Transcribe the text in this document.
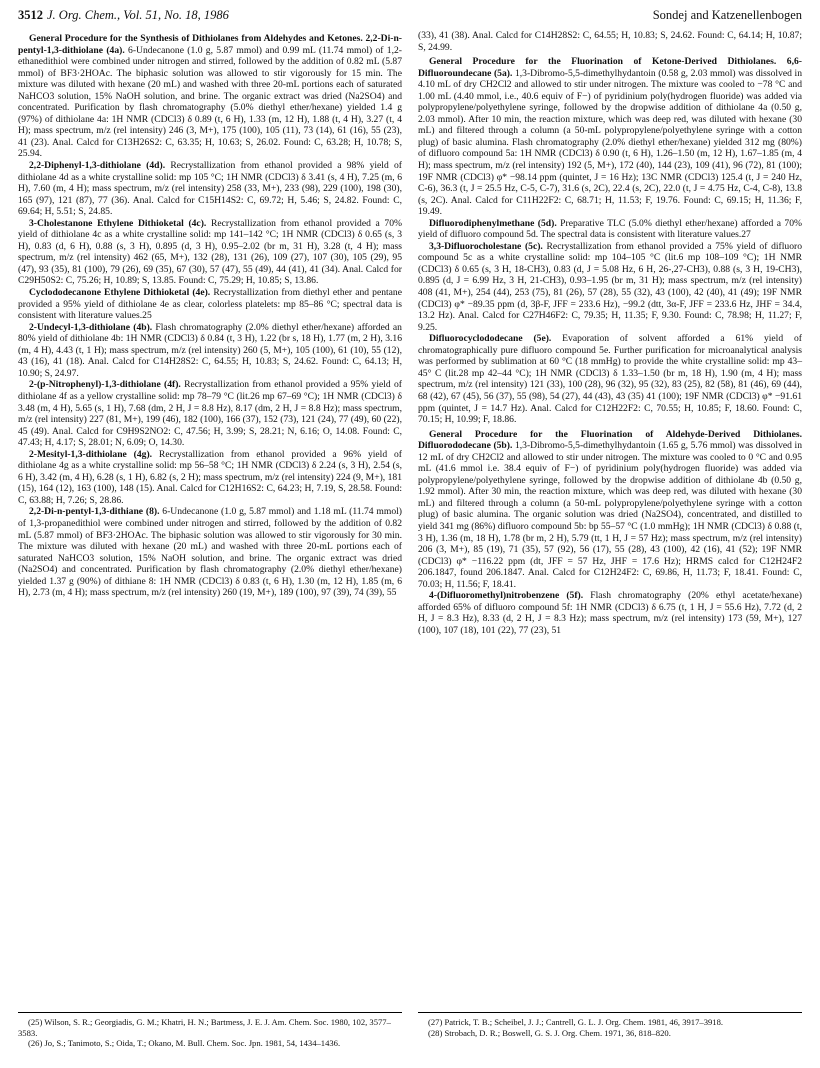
3512 J. Org. Chem., Vol. 51, No. 18, 1986	Sondej and Katzenellenbogen
General Procedure for the Synthesis of Dithiolanes from Aldehydes and Ketones. 2,2-Di-n-pentyl-1,3-dithiolane (4a). 6-Undecanone (1.0 g, 5.87 mmol) and 0.99 mL (11.74 mmol) of 1,2-ethanedithiol were combined under nitrogen and stirred, followed by the addition of 0.82 mL (5.87 mmol) of BF3·2HOAc. The biphasic solution was allowed to stir vigorously for 15 min. The mixture was diluted with hexane (20 mL) and washed with three 20-mL portions each of saturated NaHCO3 solution, 15% NaOH solution, and brine. The organic extract was dried (Na2SO4) and concentrated. Purification by flash chromatography (5.0% diethyl ether/hexane) yielded 1.4 g (97%) of dithiolane 4a: 1H NMR (CDCl3) δ 0.89 (t, 6 H), 1.33 (m, 12 H), 1.88 (t, 4 H), 3.27 (t, 4 H); mass spectrum, m/z (rel intensity) 246 (3, M+), 175 (100), 105 (11), 73 (14), 61 (16), 55 (23), 41 (23). Anal. Calcd for C13H26S2: C, 63.35; H, 10.63; S, 26.02. Found: C, 63.28; H, 10.78; S, 25.94.

2,2-Diphenyl-1,3-dithiolane (4d). Recrystallization from ethanol provided a 98% yield of dithiolane 4d as a white crystalline solid: mp 105 °C; 1H NMR (CDCl3) δ 3.41 (s, 4 H), 7.25 (m, 6 H), 7.60 (m, 4 H); mass spectrum, m/z (rel intensity) 258 (33, M+), 233 (98), 229 (100), 198 (30), 165 (97), 121 (87), 77 (36). Anal. Calcd for C15H14S2: C, 69.72; H, 5.46; S, 24.82. Found: C, 69.64; H, 5.51; S, 24.85.

3-Cholestanone Ethylene Dithioketal (4c). Recrystallization from ethanol provided a 70% yield of dithiolane 4c as a white crystalline solid: mp 141–142 °C; 1H NMR (CDCl3) δ 0.65 (s, 3 H), 0.83 (d, 6 H), 0.88 (s, 3 H), 0.895 (d, 3 H), 0.95–2.02 (br m, 31 H), 3.28 (t, 4 H); mass spectrum, m/z (rel intensity) 462 (65, M+), 132 (28), 131 (26), 109 (27), 107 (30), 105 (29), 95 (47), 93 (35), 81 (100), 79 (26), 69 (35), 67 (30), 57 (47), 55 (49), 44 (41), 41 (34). Anal. Calcd for C29H50S2: C, 75.26; H, 10.89; S, 13.85. Found: C, 75.29; H, 10.85; S, 13.86.

Cyclododecanone Ethylene Dithioketal (4e). Recrystallization from diethyl ether and pentane provided a 95% yield of dithiolane 4e as clear, colorless platelets: mp 85–86 °C; spectral data is consistent with literature values.25

2-Undecyl-1,3-dithiolane (4b). Flash chromatography (2.0% diethyl ether/hexane) afforded an 80% yield of dithiolane 4b: 1H NMR (CDCl3) δ 0.84 (t, 3 H), 1.22 (br s, 18 H), 1.77 (m, 2 H), 3.16 (m, 4 H), 4.43 (t, 1 H); mass spectrum, m/z (rel intensity) 260 (5, M+), 105 (100), 61 (10), 55 (12), 43 (16), 41 (18). Anal. Calcd for C14H28S2: C, 64.55; H, 10.83; S, 24.62. Found: C, 64.13; H, 10.90; S, 24.97.

2-(p-Nitrophenyl)-1,3-dithiolane (4f). Recrystallization from ethanol provided a 95% yield of dithiolane 4f as a yellow crystalline solid: mp 78–79 °C (lit.26 mp 67–69 °C); 1H NMR (CDCl3) δ 3.48 (m, 4 H), 5.65 (s, 1 H), 7.68 (dm, 2 H, J = 8.8 Hz), 8.17 (dm, 2 H, J = 8.8 Hz); mass spectrum, m/z (rel intensity) 227 (81, M+), 199 (46), 182 (100), 166 (37), 152 (73), 121 (24), 77 (49), 60 (22), 45 (49). Anal. Calcd for C9H9S2NO2: C, 47.56; H, 3.99; S, 28.21; N, 6.16; O, 14.08. Found: C, 47.43; H, 4.17; S, 28.01; N, 6.09; O, 14.30.

2-Mesityl-1,3-dithiolane (4g). Recrystallization from ethanol provided a 96% yield of dithiolane 4g as a white crystalline solid: mp 56–58 °C; 1H NMR (CDCl3) δ 2.24 (s, 3 H), 2.54 (s, 6 H), 3.42 (m, 4 H), 6.28 (s, 1 H), 6.82 (s, 2 H); mass spectrum, m/z (rel intensity) 224 (9, M+), 181 (15), 164 (12), 163 (100), 148 (15). Anal. Calcd for C12H16S2: C, 64.23; H, 7.19, S, 28.58. Found: C, 63.88; H, 7.26; S, 28.86.

2,2-Di-n-pentyl-1,3-dithiane (8). 6-Undecanone (1.0 g, 5.87 mmol) and 1.18 mL (11.74 mmol) of 1,3-propanedithiol were combined under nitrogen and stirred, followed by the addition of 0.82 mL (5.87 mmol) of BF3·2HOAc. The biphasic solution was allowed to stir vigorously for 30 min. The mixture was diluted with hexane (20 mL) and washed with three 20-mL portions each of saturated NaHCO3 solution, 15% NaOH solution, and brine. The organic extract was dried (Na2SO4) and concentrated. Purification by flash chromatography (2.0% diethyl ether/hexane) yielded 1.37 g (90%) of dithiane 8: 1H NMR (CDCl3) δ 0.83 (t, 6 H), 1.30 (m, 12 H), 1.85 (m, 6 H), 2.73 (m, 4 H); mass spectrum, m/z (rel intensity) 260 (19, M+), 189 (100), 97 (39), 74 (39), 55

(33), 41 (38). Anal. Calcd for C14H28S2: C, 64.55; H, 10.83; S, 24.62. Found: C, 64.14; H, 10.87; S, 24.99.

General Procedure for the Fluorination of Ketone-Derived Dithiolanes. 6,6-Difluoroundecane (5a). 1,3-Dibromo-5,5-dimethylhydantoin (0.58 g, 2.03 mmol) was dissolved in 4.10 mL of dry CH2Cl2 and allowed to stir under nitrogen. The mixture was cooled to −78 °C and 1.00 mL (4.40 mmol, i.e., 40.6 equiv of F−) of pyridinium poly(hydrogen fluoride) was added via polypropylene/polyethylene syringe, followed by the dropwise addition of dithiolane 4a (0.50 g, 2.03 mmol). After 10 min, the reaction mixture, which was deep red, was diluted with hexane (30 mL) and filtered through a column (a 50-mL polypropylene/polyethylene syringe with a cotton plug) of basic alumina. Flash chromatography (2.0% diethyl ether/hexane) yielded 312 mg (80%) of difluoro compound 5a: 1H NMR (CDCl3) δ 0.90 (t, 6 H), 1.26–1.50 (m, 12 H), 1.67–1.85 (m, 4 H); mass spectrum, m/z (rel intensity) 192 (5, M+), 172 (40), 144 (23), 109 (41), 96 (72), 81 (100); 19F NMR (CDCl3) φ* −98.14 ppm (quintet, J = 16 Hz); 13C NMR (CDCl3) 125.4 (t, J = 240 Hz, C-6), 36.3 (t, J = 25.5 Hz, C-5, C-7), 31.6 (s, 2C), 22.4 (s, 2C), 22.0 (t, J = 4.75 Hz, C-4, C-8), 13.8 (s, 2C). Anal. Calcd for C11H22F2: C, 68.71; H, 11.53; F, 19.76. Found: C, 69.15; H, 11.36; F, 19.49.

Difluorodiphenylmethane (5d). Preparative TLC (5.0% diethyl ether/hexane) afforded a 70% yield of difluoro compound 5d. The spectral data is consistent with literature values.27

3,3-Difluorocholestane (5c). Recrystallization from ethanol provided a 75% yield of difluoro compound 5c as a white crystalline solid: mp 104–105 °C (lit.6 mp 108–109 °C); 1H NMR (CDCl3) δ 0.65 (s, 3 H, 18-CH3), 0.83 (d, J = 5.08 Hz, 6 H, 26-,27-CH3), 0.88 (s, 3 H, 19-CH3), 0.895 (d, J = 6.99 Hz, 3 H, 21-CH3), 0.93–1.95 (br m, 31 H); mass spectrum, m/z (rel intensity) 408 (41, M+), 254 (44), 253 (75), 81 (26), 57 (28), 55 (32), 43 (100), 42 (40), 41 (49); 19F NMR (CDCl3) φ* −89.35 ppm (d, 3β-F, JFF = 233.6 Hz), −99.2 (dtt, 3α-F, JFF = 233.6 Hz, JHF = 34.4, 13.2 Hz). Anal. Calcd for C27H46F2: C, 79.35; H, 11.35; F, 9.30. Found: C, 78.98; H, 11.27; F, 9.25.

Difluorocyclododecane (5e). Evaporation of solvent afforded a 61% yield of chromatographically pure difluoro compound 5e. Further purification for microanalytical analysis was performed by sublimation at 60 °C (18 mmHg) to provide the white crystalline solid: mp 43–45° C (lit.28 mp 42–44 °C); 1H NMR (CDCl3) δ 1.33–1.50 (br m, 18 H), 1.90 (m, 4 H); mass spectrum, m/z (rel intensity) 121 (33), 100 (28), 96 (32), 95 (32), 83 (25), 82 (58), 81 (46), 69 (44), 68 (42), 67 (45), 56 (37), 55 (98), 54 (27), 44 (43), 43 (35) 41 (100); 19F NMR (CDCl3) φ* −91.61 ppm (quintet, J = 14.7 Hz). Anal. Calcd for C12H22F2: C, 70.55; H, 10.85; F, 18.60. Found: C, 70.15; H, 10.99; F, 18.86.

General Procedure for the Fluorination of Aldehyde-Derived Dithiolanes. Difluorododecane (5b). 1,3-Dibromo-5,5-dimethylhydantoin (1.65 g, 5.76 mmol) was dissolved in 12 mL of dry CH2Cl2 and allowed to stir under nitrogen. The mixture was cooled to 0 °C and 0.95 mL (41.6 mmol i.e. 38.4 equiv of F−) of pyridinium poly(hydrogen fluoride) was added via polypropylene/polyethylene syringe, followed by the dropwise addition of dithiolane 4b (0.50 g, 1.92 mmol). After 30 min, the reaction mixture, which was deep red, was diluted with hexane (30 mL) and filtered through a column (a 50-mL polypropylene/polyethylene syringe with a cotton plug) of basic alumina. The organic solution was dried (Na2SO4), concentrated, and distilled to yield 341 mg (86%) difluoro compound 5b: bp 55–57 °C (1.0 mmHg); 1H NMR (CDCl3) δ 0.88 (t, 3 H), 1.36 (m, 18 H), 1.78 (br m, 2 H), 5.79 (tt, 1 H, J = 57 Hz); mass spectrum, m/z (rel intensity) 206 (3, M+), 85 (19), 71 (35), 57 (92), 56 (17), 55 (28), 43 (100), 42 (16), 41 (52); 19F NMR (CDCl3) φ* −116.22 ppm (dt, JFF = 57 Hz, JHF = 17.6 Hz); HRMS calcd for C12H24F2 206.1847, found 206.1847. Anal. Calcd for C12H24F2: C, 69.86, H, 11.73; F, 18.41. Found: C, 70.03; H, 11.56; F, 18.41.

4-(Difluoromethyl)nitrobenzene (5f). Flash chromatography (20% ethyl acetate/hexane) afforded 65% of difluoro compound 5f: 1H NMR (CDCl3) δ 6.75 (t, 1 H, J = 55.6 Hz), 7.72 (d, 2 H, J = 8.3 Hz), 8.33 (d, 2 H, J = 8.3 Hz); mass spectrum, m/z (rel intensity) 173 (59, M+), 127 (100), 107 (18), 101 (22), 77 (23), 51

(25) Wilson, S. R.; Georgiadis, G. M.; Khatri, H. N.; Bartmess, J. E. J. Am. Chem. Soc. 1980, 102, 3577–3583.

(26) Jo, S.; Tanimoto, S.; Oida, T.; Okano, M. Bull. Chem. Soc. Jpn. 1981, 54, 1434–1436.

(27) Patrick, T. B.; Scheibel, J. J.; Cantrell, G. L. J. Org. Chem. 1981, 46, 3917–3918.

(28) Strobach, D. R.; Boswell, G. S. J. Org. Chem. 1971, 36, 818–820.
